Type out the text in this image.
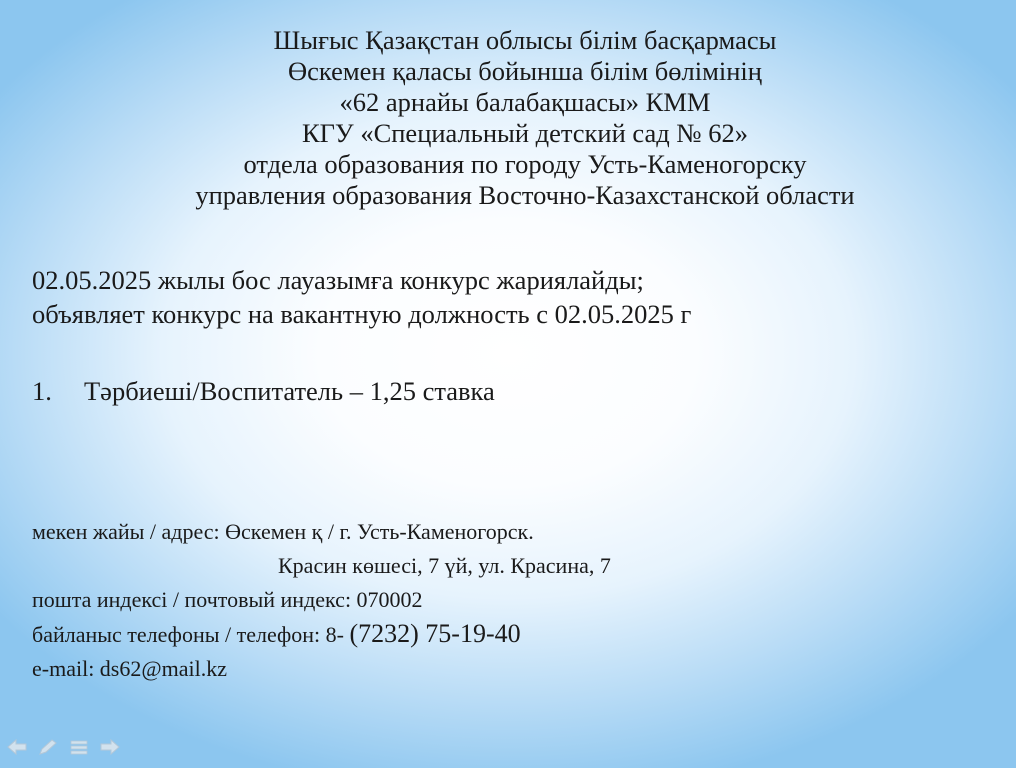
Шығыс Қазақстан облысы білім басқармасы
Өскемен қаласы бойынша білім бөлімінің
«62 арнайы балабақшасы» КММ
КГУ «Специальный детский сад № 62»
отдела образования по городу Усть-Каменогорску
управления образования Восточно-Казахстанской области
02.05.2025 жылы бос лауазымға конкурс жариялайды;
объявляет конкурс на вакантную должность с 02.05.2025 г
1. Тәрбиеші/Воспитатель – 1,25 ставка
мекен жайы / адрес: Өскемен қ / г. Усть-Каменогорск.
Красин көшесі, 7 үй, ул. Красина, 7
пошта индексі / почтовый индекс: 070002
байланыс телефоны / телефон: 8- (7232) 75-19-40
e-mail: ds62@mail.kz
